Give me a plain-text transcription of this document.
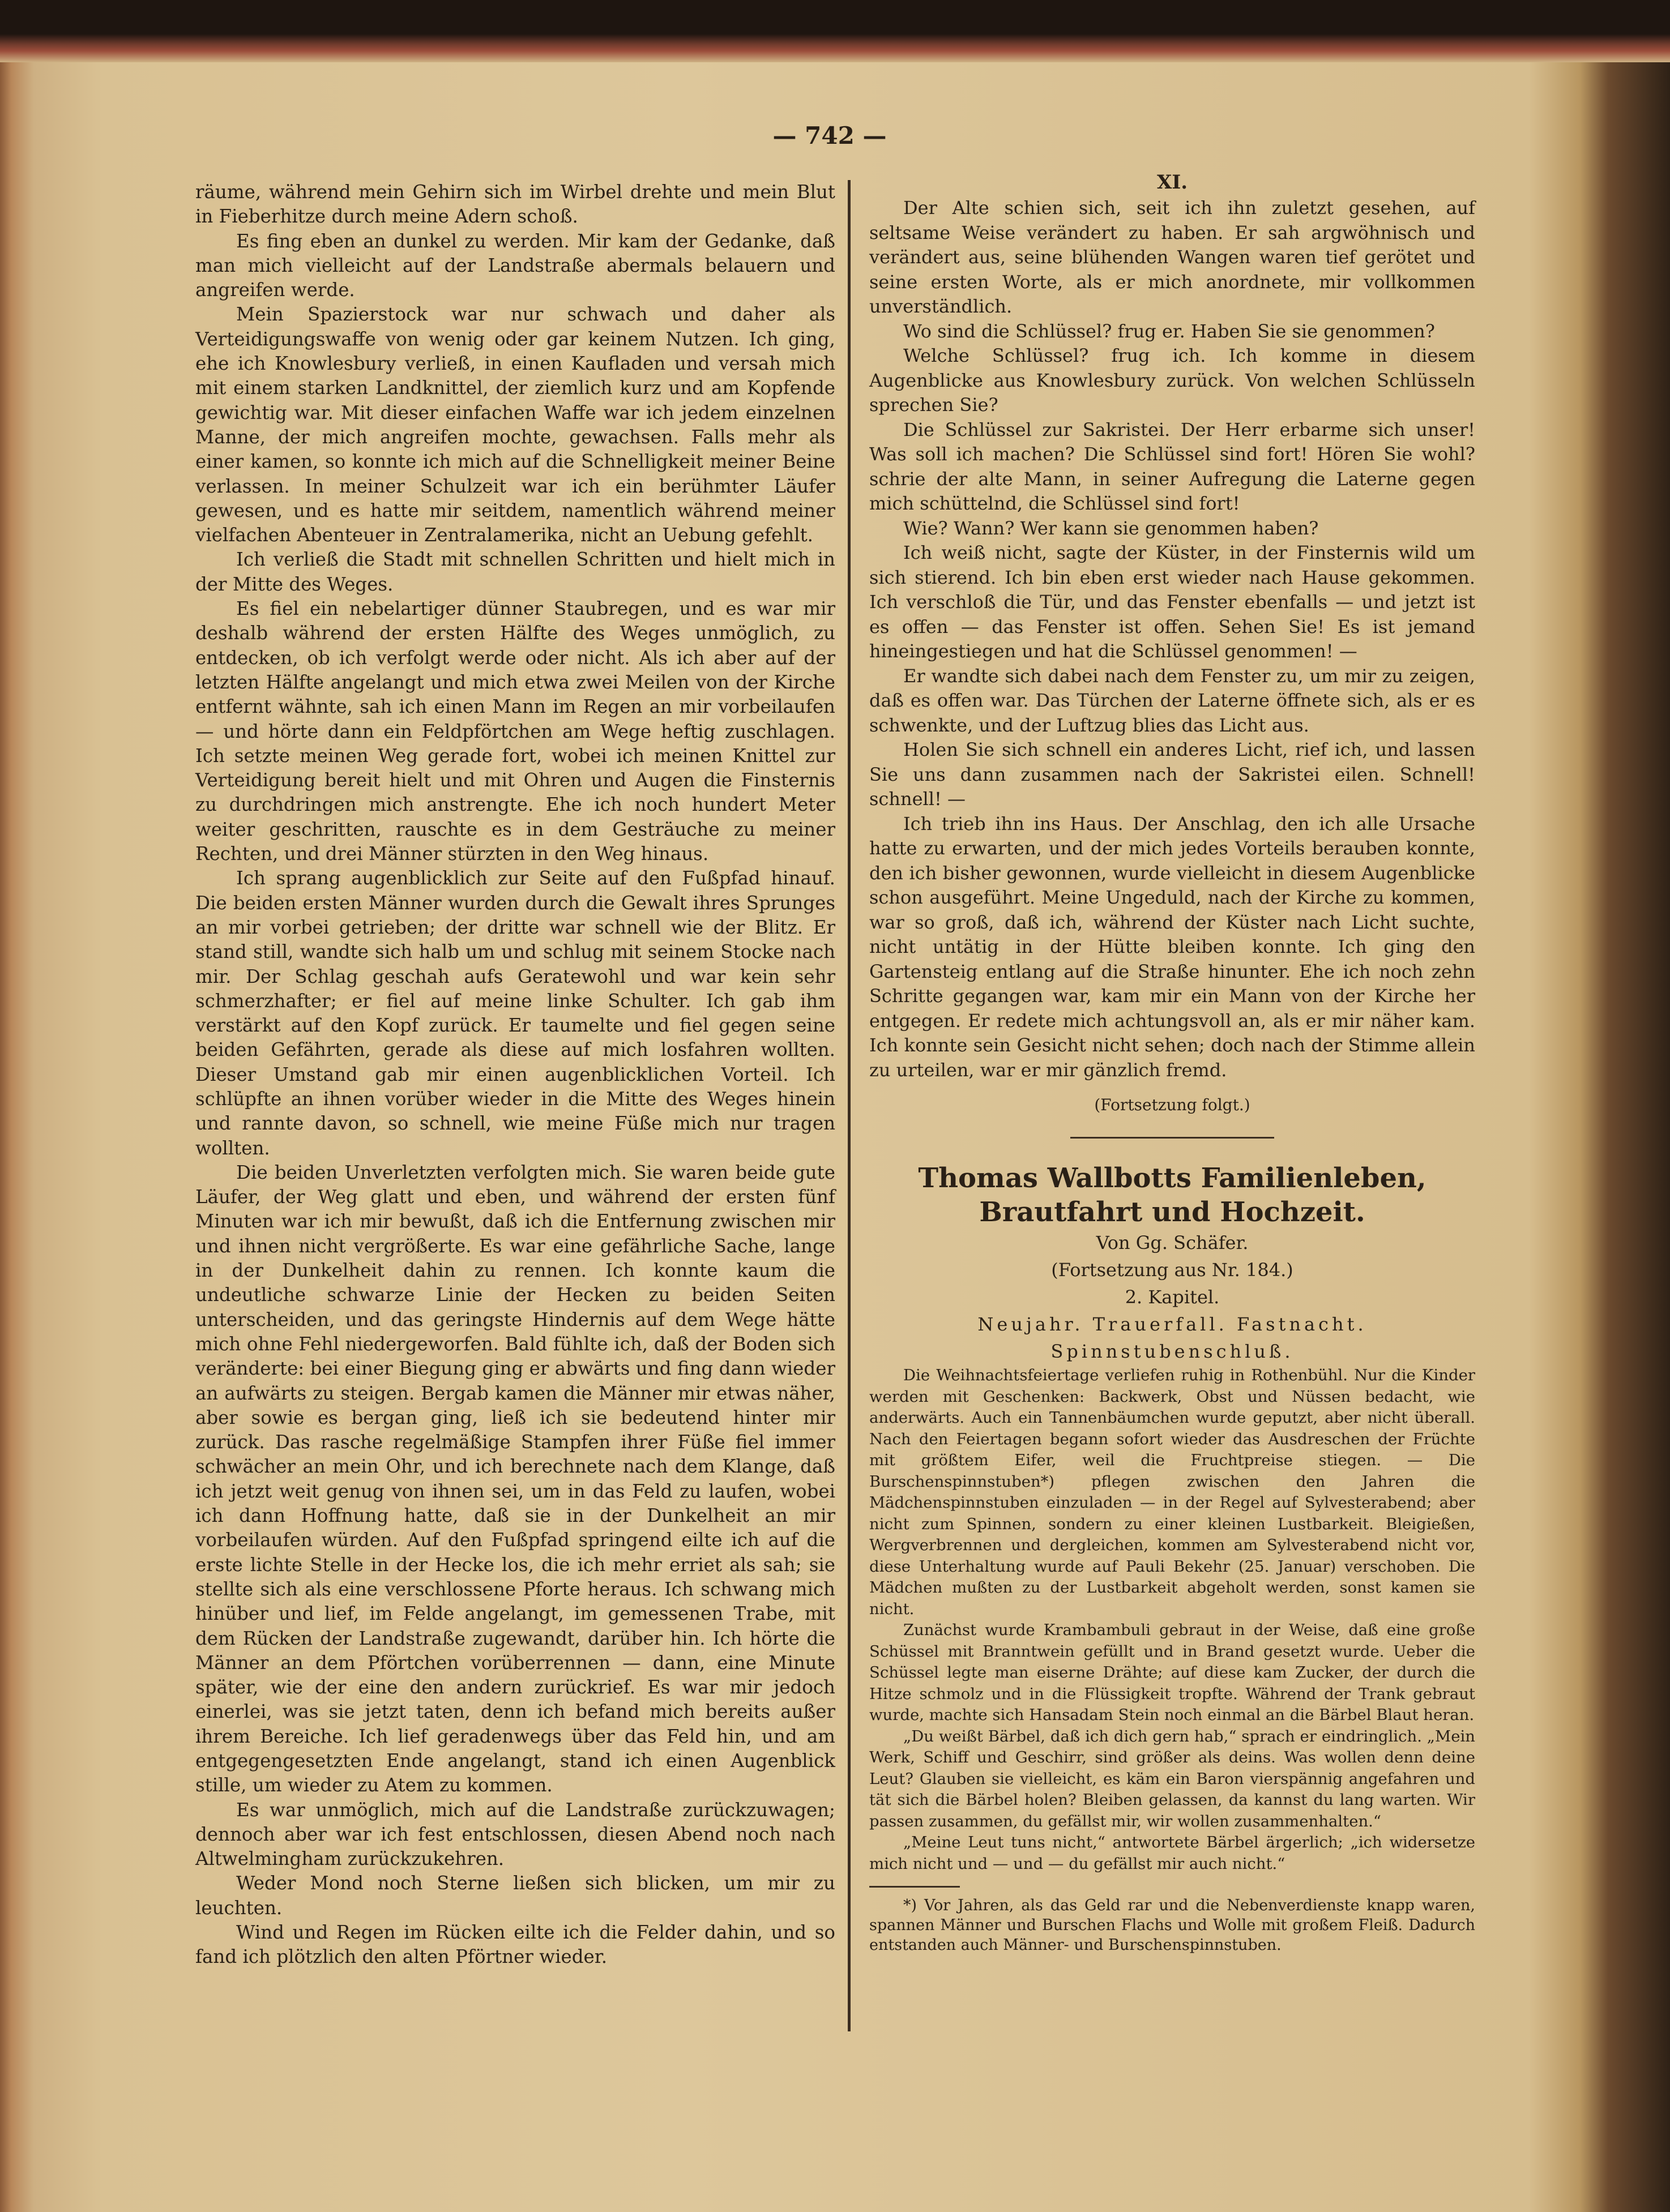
— 742 —

räume, während mein Gehirn sich im Wirbel drehte und mein Blut in Fieberhitze durch meine Adern schoß.

Es fing eben an dunkel zu werden. Mir kam der Gedanke, daß man mich vielleicht auf der Landstraße abermals belauern und angreifen werde.

Mein Spazierstock war nur schwach und daher als Verteidigungswaffe von wenig oder gar keinem Nutzen. Ich ging, ehe ich Knowlesbury verließ, in einen Kaufladen und versah mich mit einem starken Landknittel, der ziemlich kurz und am Kopfende gewichtig war. Mit dieser einfachen Waffe war ich jedem einzelnen Manne, der mich angreifen mochte, gewachsen. Falls mehr als einer kamen, so konnte ich mich auf die Schnelligkeit meiner Beine verlassen. In meiner Schulzeit war ich ein berühmter Läufer gewesen, und es hatte mir seitdem, namentlich während meiner vielfachen Abenteuer in Zentralamerika, nicht an Uebung gefehlt.

Ich verließ die Stadt mit schnellen Schritten und hielt mich in der Mitte des Weges.

Es fiel ein nebelartiger dünner Staubregen, und es war mir deshalb während der ersten Hälfte des Weges unmöglich, zu entdecken, ob ich verfolgt werde oder nicht. Als ich aber auf der letzten Hälfte angelangt und mich etwa zwei Meilen von der Kirche entfernt wähnte, sah ich einen Mann im Regen an mir vorbeilaufen — und hörte dann ein Feldpförtchen am Wege heftig zuschlagen. Ich setzte meinen Weg gerade fort, wobei ich meinen Knittel zur Verteidigung bereit hielt und mit Ohren und Augen die Finsternis zu durchdringen mich anstrengte. Ehe ich noch hundert Meter weiter geschritten, rauschte es in dem Gesträuche zu meiner Rechten, und drei Männer stürzten in den Weg hinaus.

Ich sprang augenblicklich zur Seite auf den Fußpfad hinauf. Die beiden ersten Männer wurden durch die Gewalt ihres Sprunges an mir vorbei getrieben; der dritte war schnell wie der Blitz. Er stand still, wandte sich halb um und schlug mit seinem Stocke nach mir. Der Schlag geschah aufs Geratewohl und war kein sehr schmerzhafter; er fiel auf meine linke Schulter. Ich gab ihm verstärkt auf den Kopf zurück. Er taumelte und fiel gegen seine beiden Gefährten, gerade als diese auf mich losfahren wollten. Dieser Umstand gab mir einen augenblicklichen Vorteil. Ich schlüpfte an ihnen vorüber wieder in die Mitte des Weges hinein und rannte davon, so schnell, wie meine Füße mich nur tragen wollten.

Die beiden Unverletzten verfolgten mich. Sie waren beide gute Läufer, der Weg glatt und eben, und während der ersten fünf Minuten war ich mir bewußt, daß ich die Entfernung zwischen mir und ihnen nicht vergrößerte. Es war eine gefährliche Sache, lange in der Dunkelheit dahin zu rennen. Ich konnte kaum die undeutliche schwarze Linie der Hecken zu beiden Seiten unterscheiden, und das geringste Hindernis auf dem Wege hätte mich ohne Fehl niedergeworfen. Bald fühlte ich, daß der Boden sich veränderte: bei einer Biegung ging er abwärts und fing dann wieder an aufwärts zu steigen. Bergab kamen die Männer mir etwas näher, aber sowie es bergan ging, ließ ich sie bedeutend hinter mir zurück. Das rasche regelmäßige Stampfen ihrer Füße fiel immer schwächer an mein Ohr, und ich berechnete nach dem Klange, daß ich jetzt weit genug von ihnen sei, um in das Feld zu laufen, wobei ich dann Hoffnung hatte, daß sie in der Dunkelheit an mir vorbeilaufen würden. Auf den Fußpfad springend eilte ich auf die erste lichte Stelle in der Hecke los, die ich mehr erriet als sah; sie stellte sich als eine verschlossene Pforte heraus. Ich schwang mich hinüber und lief, im Felde angelangt, im gemessenen Trabe, mit dem Rücken der Landstraße zugewandt, darüber hin. Ich hörte die Männer an dem Pförtchen vorüberrennen — dann, eine Minute später, wie der eine den andern zurückrief. Es war mir jedoch einerlei, was sie jetzt taten, denn ich befand mich bereits außer ihrem Bereiche. Ich lief geradenwegs über das Feld hin, und am entgegengesetzten Ende angelangt, stand ich einen Augenblick stille, um wieder zu Atem zu kommen.

Es war unmöglich, mich auf die Landstraße zurückzuwagen; dennoch aber war ich fest entschlossen, diesen Abend noch nach Altwelmingham zurückzukehren.

Weder Mond noch Sterne ließen sich blicken, um mir zu leuchten.

Wind und Regen im Rücken eilte ich die Felder dahin, und so fand ich plötzlich den alten Pförtner wieder.

XI.

Der Alte schien sich, seit ich ihn zuletzt gesehen, auf seltsame Weise verändert zu haben. Er sah argwöhnisch und verändert aus, seine blühenden Wangen waren tief gerötet und seine ersten Worte, als er mich anordnete, mir vollkommen unverständlich.

Wo sind die Schlüssel? frug er. Haben Sie sie genommen?

Welche Schlüssel? frug ich. Ich komme in diesem Augenblicke aus Knowlesbury zurück. Von welchen Schlüsseln sprechen Sie?

Die Schlüssel zur Sakristei. Der Herr erbarme sich unser! Was soll ich machen? Die Schlüssel sind fort! Hören Sie wohl? schrie der alte Mann, in seiner Aufregung die Laterne gegen mich schüttelnd, die Schlüssel sind fort!

Wie? Wann? Wer kann sie genommen haben?

Ich weiß nicht, sagte der Küster, in der Finsternis wild um sich stierend. Ich bin eben erst wieder nach Hause gekommen. Ich verschloß die Tür, und das Fenster ebenfalls — und jetzt ist es offen — das Fenster ist offen. Sehen Sie! Es ist jemand hineingestiegen und hat die Schlüssel genommen! —

Er wandte sich dabei nach dem Fenster zu, um mir zu zeigen, daß es offen war. Das Türchen der Laterne öffnete sich, als er es schwenkte, und der Luftzug blies das Licht aus.

Holen Sie sich schnell ein anderes Licht, rief ich, und lassen Sie uns dann zusammen nach der Sakristei eilen. Schnell! schnell! —

Ich trieb ihn ins Haus. Der Anschlag, den ich alle Ursache hatte zu erwarten, und der mich jedes Vorteils berauben konnte, den ich bisher gewonnen, wurde vielleicht in diesem Augenblicke schon ausgeführt. Meine Ungeduld, nach der Kirche zu kommen, war so groß, daß ich, während der Küster nach Licht suchte, nicht untätig in der Hütte bleiben konnte. Ich ging den Gartensteig entlang auf die Straße hinunter. Ehe ich noch zehn Schritte gegangen war, kam mir ein Mann von der Kirche her entgegen. Er redete mich achtungsvoll an, als er mir näher kam. Ich konnte sein Gesicht nicht sehen; doch nach der Stimme allein zu urteilen, war er mir gänzlich fremd.

(Fortsetzung folgt.)
Thomas Wallbotts Familienleben, Brautfahrt und Hochzeit.
Von Gg. Schäfer.
(Fortsetzung aus Nr. 184.)
2. Kapitel.
Neujahr. Trauerfall. Fastnacht. Spinnstubenschluß.

Die Weihnachtsfeiertage verliefen ruhig in Rothenbühl. Nur die Kinder werden mit Geschenken: Backwerk, Obst und Nüssen bedacht, wie anderwärts. Auch ein Tannenbäumchen wurde geputzt, aber nicht überall. Nach den Feiertagen begann sofort wieder das Ausdreschen der Früchte mit größtem Eifer, weil die Fruchtpreise stiegen. — Die Burschenspinnstuben*) pflegen zwischen den Jahren die Mädchenspinnstuben einzuladen — in der Regel auf Sylvesterabend; aber nicht zum Spinnen, sondern zu einer kleinen Lustbarkeit. Bleigießen, Wergverbrennen und dergleichen, kommen am Sylvesterabend nicht vor, diese Unterhaltung wurde auf Pauli Bekehr (25. Januar) verschoben. Die Mädchen mußten zu der Lustbarkeit abgeholt werden, sonst kamen sie nicht.

Zunächst wurde Krambambuli gebraut in der Weise, daß eine große Schüssel mit Branntwein gefüllt und in Brand gesetzt wurde. Ueber die Schüssel legte man eiserne Drähte; auf diese kam Zucker, der durch die Hitze schmolz und in die Flüssigkeit tropfte. Während der Trank gebraut wurde, machte sich Hansadam Stein noch einmal an die Bärbel Blaut heran.

„Du weißt Bärbel, daß ich dich gern hab,“ sprach er eindringlich. „Mein Werk, Schiff und Geschirr, sind größer als deins. Was wollen denn deine Leut? Glauben sie vielleicht, es käm ein Baron vierspännig angefahren und tät sich die Bärbel holen? Bleiben gelassen, da kannst du lang warten. Wir passen zusammen, du gefällst mir, wir wollen zusammenhalten.“

„Meine Leut tuns nicht,“ antwortete Bärbel ärgerlich; „ich widersetze mich nicht und — und — du gefällst mir auch nicht.“

*) Vor Jahren, als das Geld rar und die Nebenverdienste knapp waren, spannen Männer und Burschen Flachs und Wolle mit großem Fleiß. Dadurch entstanden auch Männer- und Burschenspinnstuben.
